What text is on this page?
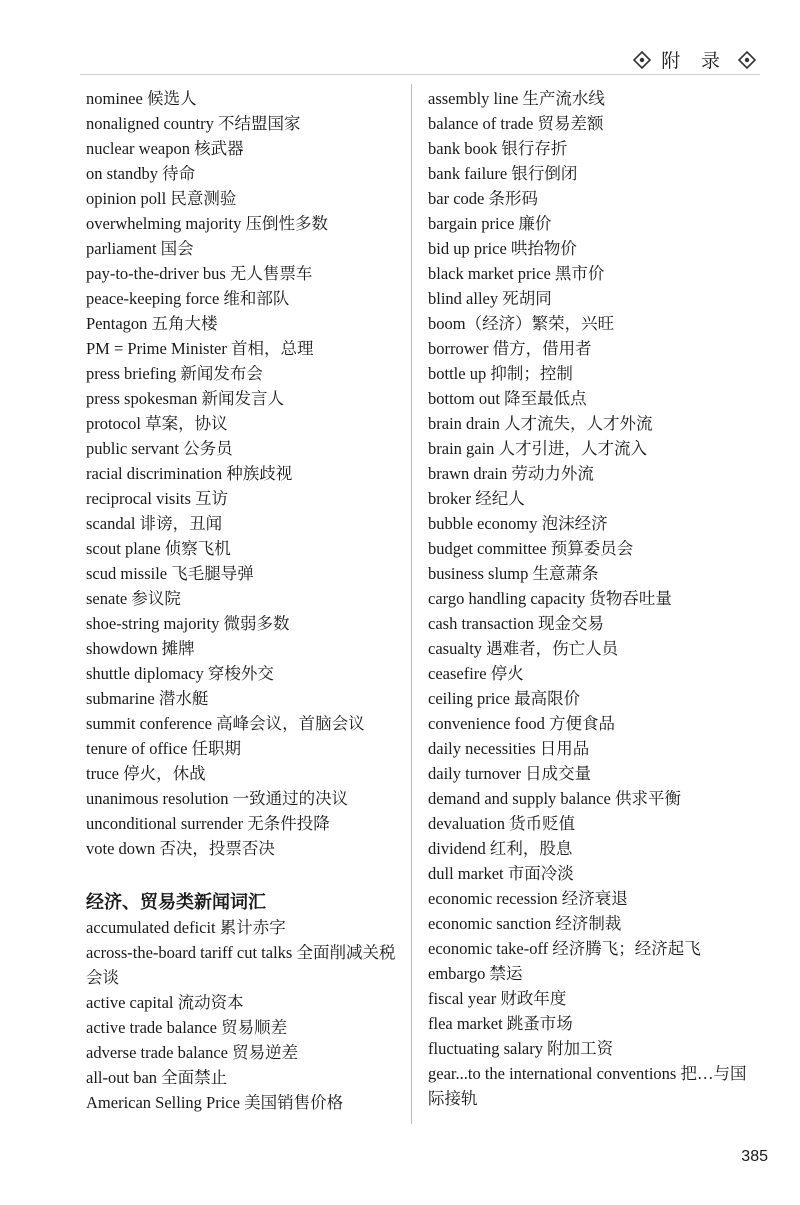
附 录
nominee 候选人
nonaligned country 不结盟国家
nuclear weapon 核武器
on standby 待命
opinion poll 民意测验
overwhelming majority 压倒性多数
parliament 国会
pay-to-the-driver bus 无人售票车
peace-keeping force 维和部队
Pentagon 五角大楼
PM = Prime Minister 首相，总理
press briefing 新闻发布会
press spokesman 新闻发言人
protocol 草案，协议
public servant 公务员
racial discrimination 种族歧视
reciprocal visits 互访
scandal 诽谤，丑闻
scout plane 侦察飞机
scud missile 飞毛腿导弹
senate 参议院
shoe-string majority 微弱多数
showdown 摊牌
shuttle diplomacy 穿梭外交
submarine 潜水艇
summit conference 高峰会议，首脑会议
tenure of office 任职期
truce 停火，休战
unanimous resolution 一致通过的决议
unconditional surrender 无条件投降
vote down 否决，投票否决
经济、贸易类新闻词汇
accumulated deficit 累计赤字
across-the-board tariff cut talks 全面削减关税会谈
active capital 流动资本
active trade balance 贸易顺差
adverse trade balance 贸易逆差
all-out ban 全面禁止
American Selling Price 美国销售价格
assembly line 生产流水线
balance of trade 贸易差额
bank book 银行存折
bank failure 银行倒闭
bar code 条形码
bargain price 廉价
bid up price 哄抬物价
black market price 黑市价
blind alley 死胡同
boom（经济）繁荣，兴旺
borrower 借方，借用者
bottle up 抑制；控制
bottom out 降至最低点
brain drain 人才流失，人才外流
brain gain 人才引进，人才流入
brawn drain 劳动力外流
broker 经纪人
bubble economy 泡沫经济
budget committee 预算委员会
business slump 生意萧条
cargo handling capacity 货物吞吐量
cash transaction 现金交易
casualty 遇难者，伤亡人员
ceasefire 停火
ceiling price 最高限价
convenience food 方便食品
daily necessities 日用品
daily turnover 日成交量
demand and supply balance 供求平衡
devaluation 货币贬值
dividend 红利，股息
dull market 市面冷淡
economic recession 经济衰退
economic sanction 经济制裁
economic take-off 经济腾飞；经济起飞
embargo 禁运
fiscal year 财政年度
flea market 跳蚤市场
fluctuating salary 附加工资
gear...to the international conventions 把…与国际接轨
385
